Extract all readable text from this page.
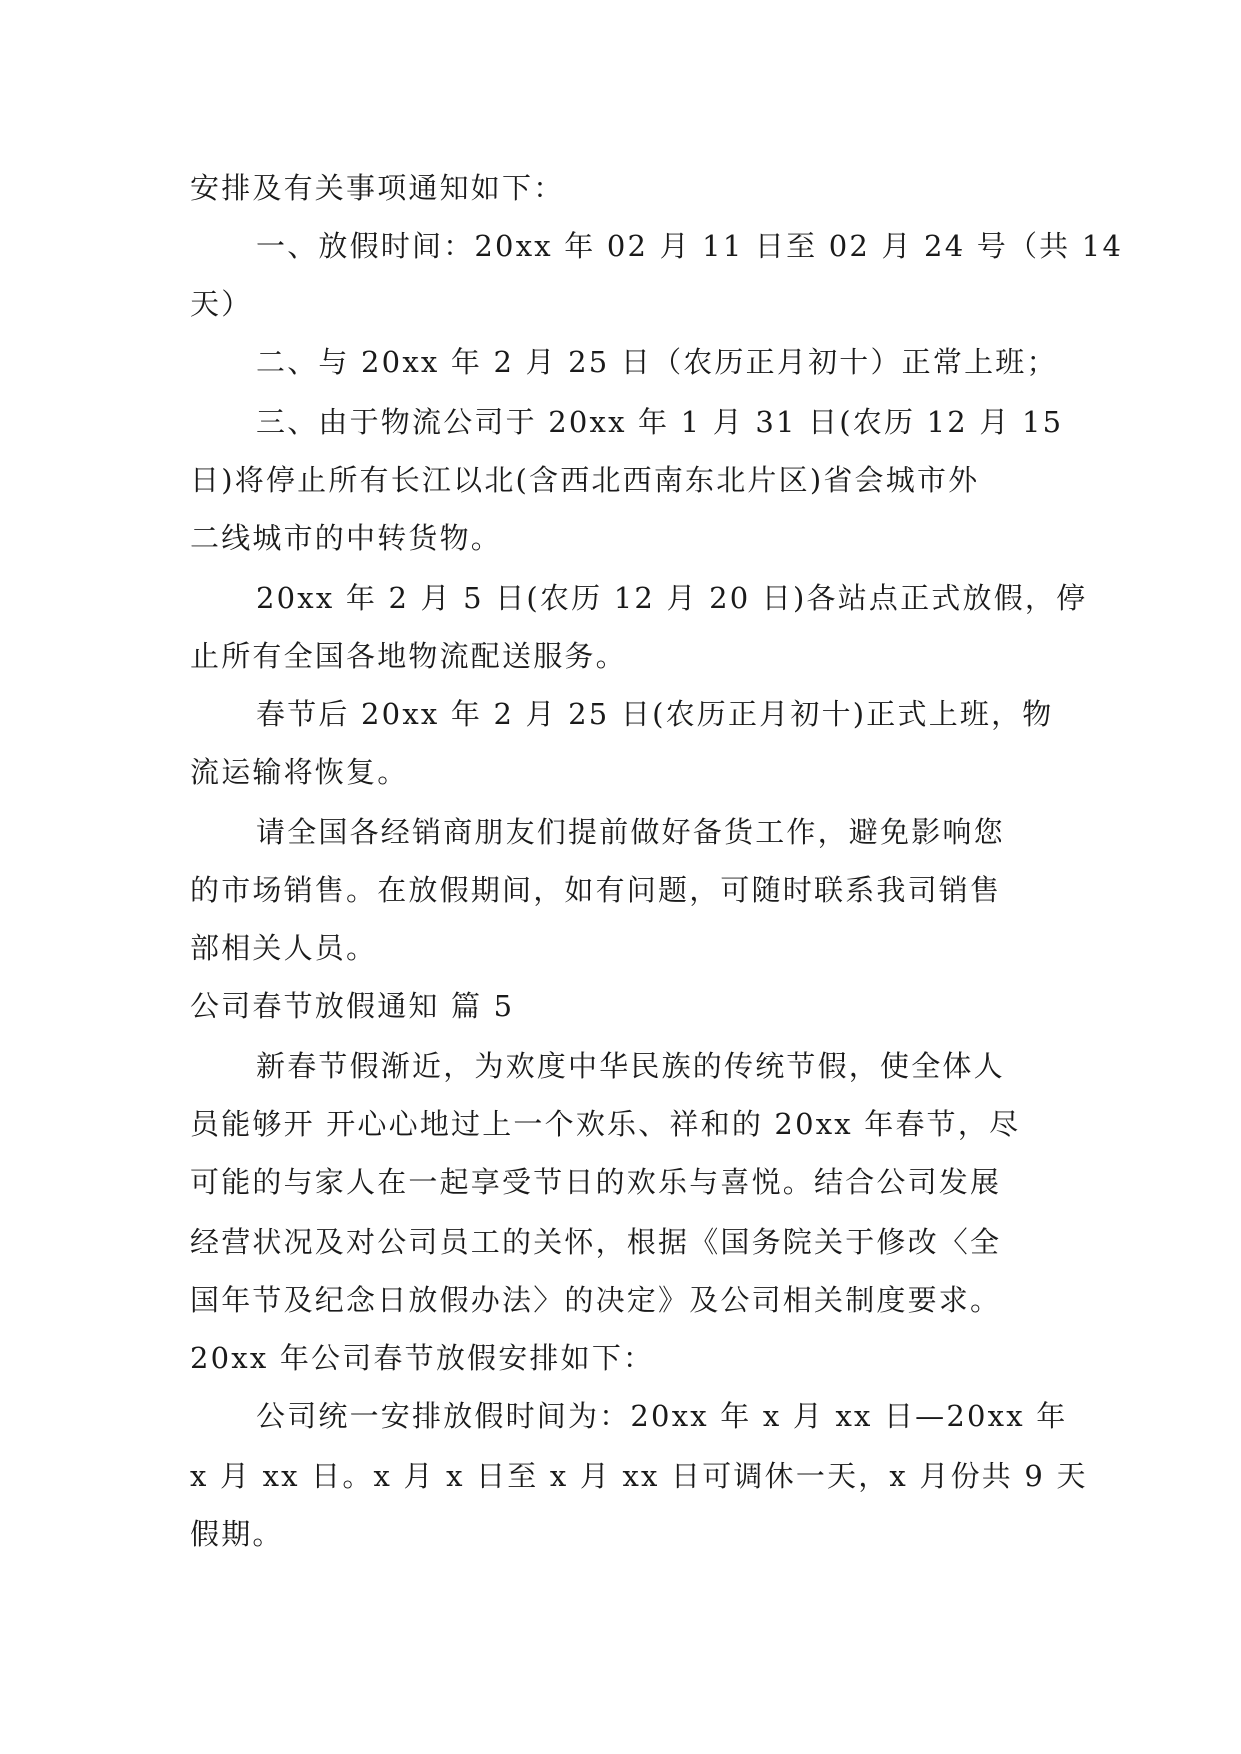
安排及有关事项通知如下：
一、放假时间：20xx 年 02 月 11 日至 02 月 24 号（共 14
天）
二、与 20xx 年 2 月 25 日（农历正月初十）正常上班；
三、由于物流公司于 20xx 年 1 月 31 日(农历 12 月 15
日)将停止所有长江以北(含西北西南东北片区)省会城市外
二线城市的中转货物。
20xx 年 2 月 5 日(农历 12 月 20 日)各站点正式放假，停
止所有全国各地物流配送服务。
春节后 20xx 年 2 月 25 日(农历正月初十)正式上班，物
流运输将恢复。
请全国各经销商朋友们提前做好备货工作，避免影响您
的市场销售。在放假期间，如有问题，可随时联系我司销售
部相关人员。
公司春节放假通知 篇 5
新春节假渐近，为欢度中华民族的传统节假，使全体人
员能够开 开心心地过上一个欢乐、祥和的 20xx 年春节，尽
可能的与家人在一起享受节日的欢乐与喜悦。结合公司发展
经营状况及对公司员工的关怀，根据《国务院关于修改〈全
国年节及纪念日放假办法〉的决定》及公司相关制度要求。
20xx 年公司春节放假安排如下：
公司统一安排放假时间为：20xx 年 x 月 xx 日—20xx 年
x 月 xx 日。x 月 x 日至 x 月 xx 日可调休一天，x 月份共 9 天
假期。
